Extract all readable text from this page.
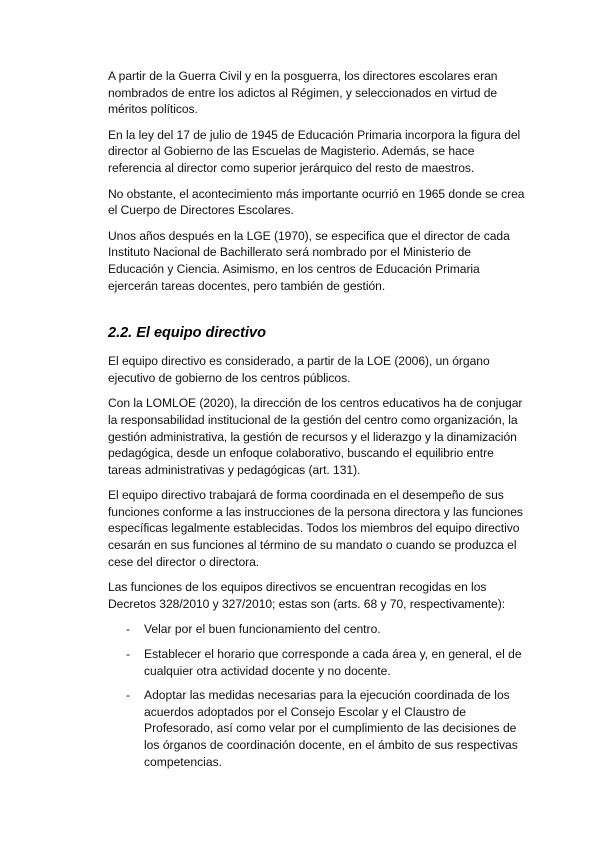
A partir de la Guerra Civil y en la posguerra, los directores escolares eran nombrados de entre los adictos al Régimen, y seleccionados en virtud de méritos políticos.

En la ley del 17 de julio de 1945 de Educación Primaria incorpora la figura del director al Gobierno de las Escuelas de Magisterio. Además, se hace referencia al director como superior jerárquico del resto de maestros.

No obstante, el acontecimiento más importante ocurrió en 1965 donde se crea el Cuerpo de Directores Escolares.

Unos años después en la LGE (1970), se especifica que el director de cada Instituto Nacional de Bachillerato será nombrado por el Ministerio de Educación y Ciencia. Asimismo, en los centros de Educación Primaria ejercerán tareas docentes, pero también de gestión.

2.2. El equipo directivo

El equipo directivo es considerado, a partir de la LOE (2006), un órgano ejecutivo de gobierno de los centros públicos.

Con la LOMLOE (2020), la dirección de los centros educativos ha de conjugar la responsabilidad institucional de la gestión del centro como organización, la gestión administrativa, la gestión de recursos y el liderazgo y la dinamización pedagógica, desde un enfoque colaborativo, buscando el equilibrio entre tareas administrativas y pedagógicas (art. 131).

El equipo directivo trabajará de forma coordinada en el desempeño de sus funciones conforme a las instrucciones de la persona directora y las funciones específicas legalmente establecidas. Todos los miembros del equipo directivo cesarán en sus funciones al término de su mandato o cuando se produzca el cese del director o directora.

Las funciones de los equipos directivos se encuentran recogidas en los Decretos 328/2010 y 327/2010; estas son (arts. 68 y 70, respectivamente):

- Velar por el buen funcionamiento del centro.
- Establecer el horario que corresponde a cada área y, en general, el de cualquier otra actividad docente y no docente.
- Adoptar las medidas necesarias para la ejecución coordinada de los acuerdos adoptados por el Consejo Escolar y el Claustro de Profesorado, así como velar por el cumplimiento de las decisiones de los órganos de coordinación docente, en el ámbito de sus respectivas competencias.
